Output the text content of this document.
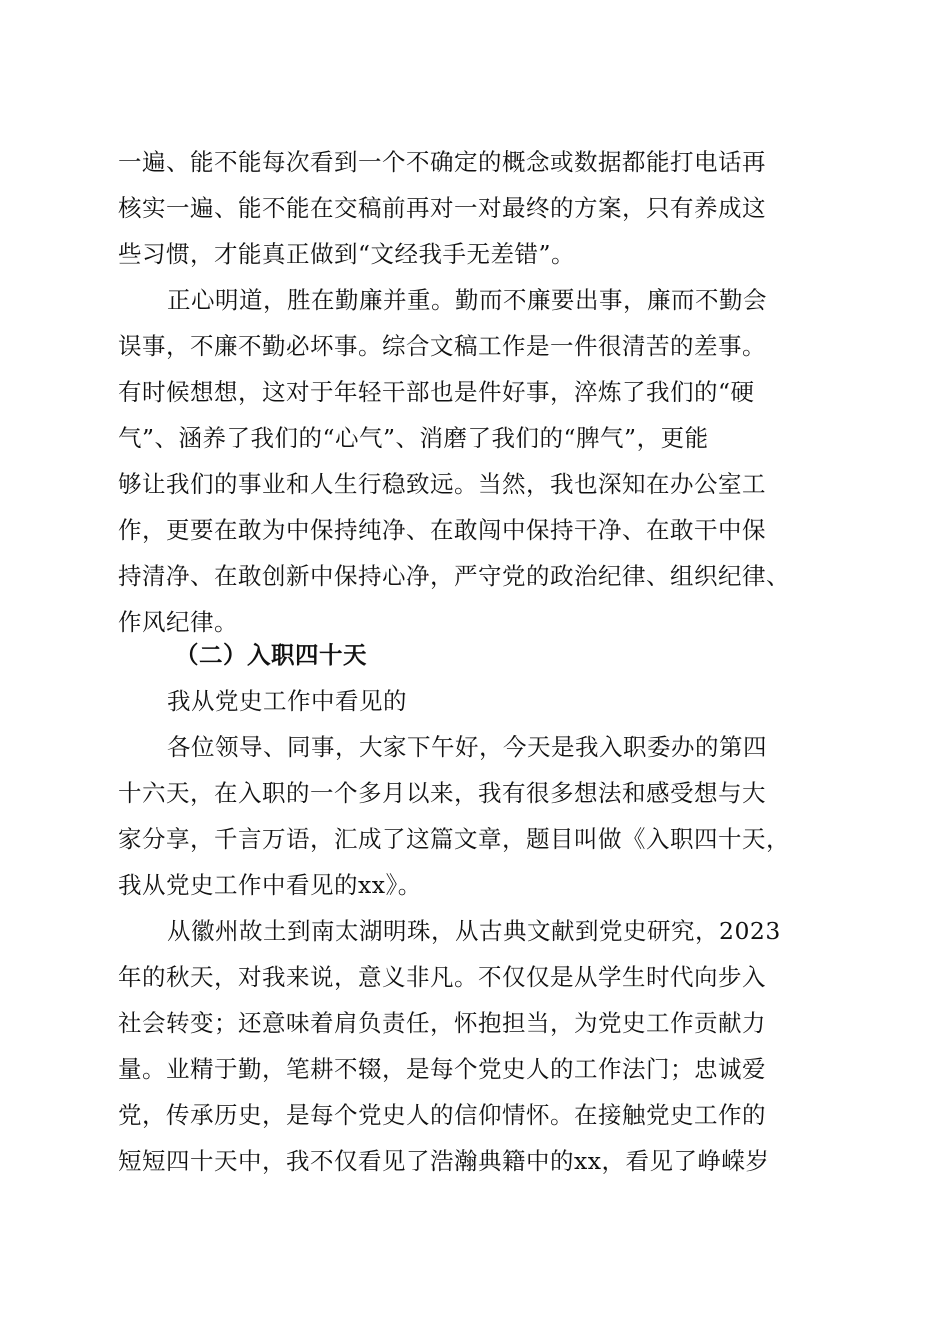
一遍、能不能每次看到一个不确定的概念或数据都能打电话再
核实一遍、能不能在交稿前再对一对最终的方案，只有养成这
些习惯，才能真正做到“文经我手无差错”。
正心明道，胜在勤廉并重。勤而不廉要出事，廉而不勤会
误事，不廉不勤必坏事。综合文稿工作是一件很清苦的差事。
有时候想想，这对于年轻干部也是件好事，淬炼了我们的“硬
气”、涵养了我们的“心气”、消磨了我们的“脾气”，更能
够让我们的事业和人生行稳致远。当然，我也深知在办公室工
作，更要在敢为中保持纯净、在敢闯中保持干净、在敢干中保
持清净、在敢创新中保持心净，严守党的政治纪律、组织纪律、
作风纪律。
（二）入职四十天
我从党史工作中看见的
各位领导、同事，大家下午好，今天是我入职委办的第四
十六天，在入职的一个多月以来，我有很多想法和感受想与大
家分享，千言万语，汇成了这篇文章，题目叫做《入职四十天，
我从党史工作中看见的xx》。
从徽州故土到南太湖明珠，从古典文献到党史研究，2023
年的秋天，对我来说，意义非凡。不仅仅是从学生时代向步入
社会转变；还意味着肩负责任，怀抱担当，为党史工作贡献力
量。业精于勤，笔耕不辍，是每个党史人的工作法门；忠诚爱
党，传承历史，是每个党史人的信仰情怀。在接触党史工作的
短短四十天中，我不仅看见了浩瀚典籍中的xx，看见了峥嵘岁
